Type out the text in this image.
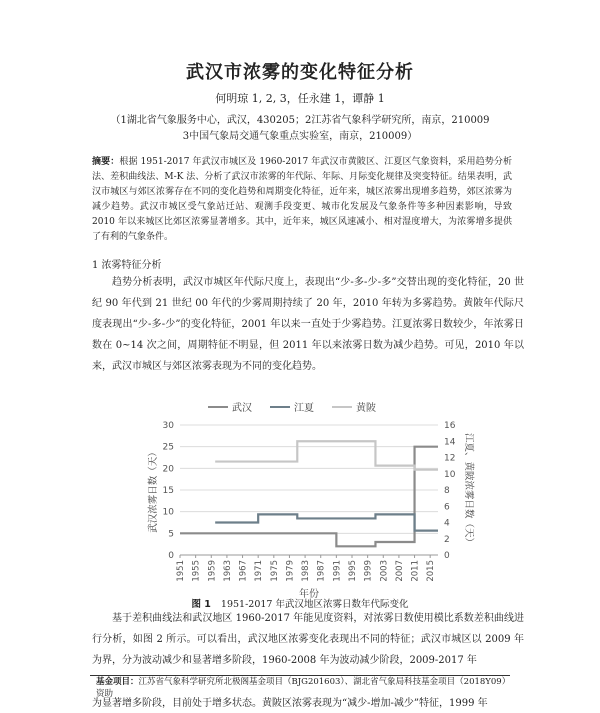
武汉市浓雾的变化特征分析
何明琼 1, 2, 3，任永建 1，谭静 1
（1湖北省气象服务中心，武汉，430205；2江苏省气象科学研究所，南京，210009
3中国气象局交通气象重点实验室，南京，210009）
摘要：根据 1951-2017 年武汉市城区及 1960-2017 年武汉市黄陂区、江夏区气象资料，采用趋势分析法、差积曲线法、M-K 法、分析了武汉市浓雾的年代际、年际、月际变化规律及突变特征。结果表明，武汉市城区与郊区浓雾存在不同的变化趋势和周期变化特征，近年来，城区浓雾出现增多趋势，郊区浓雾为减少趋势。武汉市城区受气象站迁站、观测手段变更、城市化发展及气象条件等多种因素影响，导致 2010 年以来城区比郊区浓雾显著增多。其中，近年来，城区风速减小、相对湿度增大，为浓雾增多提供了有利的气象条件。
1 浓雾特征分析
趋势分析表明，武汉市城区年代际尺度上，表现出“少-多-少-多”交替出现的变化特征，20 世纪 90 年代到 21 世纪 00 年代的少雾周期持续了 20 年，2010 年转为多雾趋势。黄陂年代际尺度表现出“少-多-少”的变化特征，2001 年以来一直处于少雾趋势。江夏浓雾日数较少，年浓雾日数在 0~14 次之间，周期特征不明显，但 2011 年以来浓雾日数为减少趋势。可见，2010 年以来，武汉市城区与郊区浓雾表现为不同的变化趋势。
武汉	江夏	黄陂
0
5
10
15
20
25
30
0
2
4
6
8
10
12
14
16
1951 1955 1959 1963 1967 1971 1975 1979 1983 1987 1991 1995 1999 2003 2007 2011 2015
武汉浓雾日数（天）	江夏、黄陂浓雾日数（天）
年份
图 1 1951-2017 年武汉地区浓雾日数年代际变化
基于差积曲线法和武汉地区 1960-2017 年能见度资料，对浓雾日数使用模比系数差积曲线进行分析，如图 2 所示。可以看出，武汉地区浓雾变化表现出不同的特征；武汉市城区以 2009 年为界，分为波动减少和显著增多阶段，1960-2008 年为波动减少阶段，2009-2017 年
基金项目：江苏省气象科学研究所北极阁基金项目（BJG201603）、湖北省气象局科技基金项目（2018Y09）资助
为显著增多阶段，目前处于增多状态。黄陂区浓雾表现为“减少-增加-减少”特征，1999 年
